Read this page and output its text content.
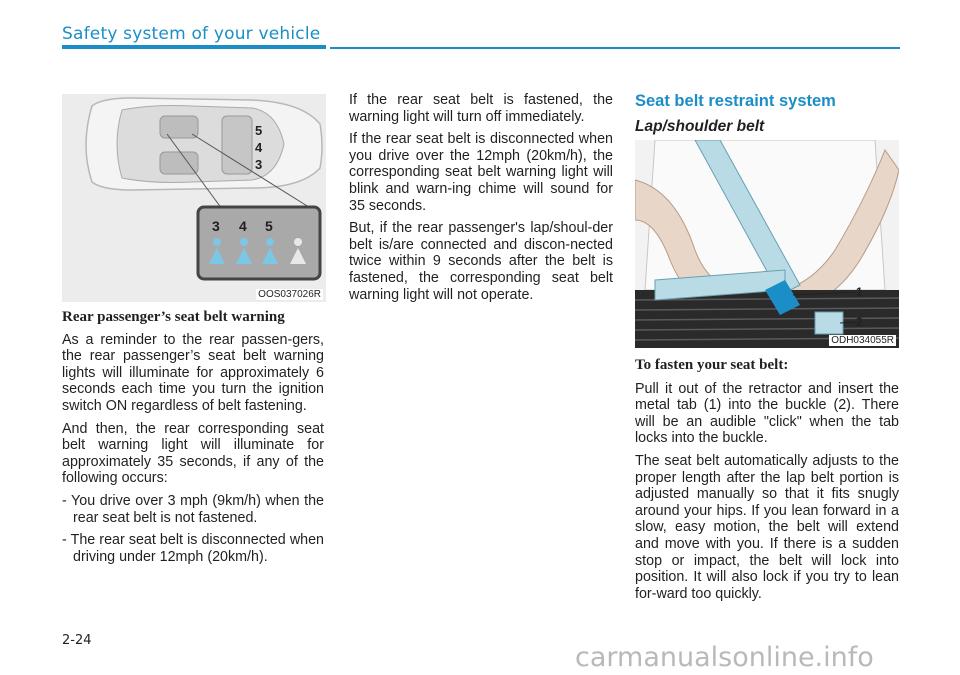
Safety system of your vehicle
5
4
3
3 4 5
OOS037026R
Rear passenger’s seat belt warning

As a reminder to the rear passen-gers, the rear passenger’s seat belt warning lights will illuminate for approximately 6 seconds each time you turn the ignition switch ON regardless of belt fastening.

And then, the rear corresponding seat belt warning light will illuminate for approximately 35 seconds, if any of the following occurs:

- You drive over 3 mph (9km/h) when the rear seat belt is not fastened.

- The rear seat belt is disconnected when driving under 12mph (20km/h).

If the rear seat belt is fastened, the warning light will turn off immediately.

If the rear seat belt is disconnected when you drive over the 12mph (20km/h), the corresponding seat belt warning light will blink and warn-ing chime will sound for 35 seconds.

But, if the rear passenger's lap/shoul-der belt is/are connected and discon-nected twice within 9 seconds after the belt is fastened, the corresponding seat belt warning light will not operate.

Seat belt restraint system
Lap/shoulder belt
1
2
ODH034055R
To fasten your seat belt:

Pull it out of the retractor and insert the metal tab (1) into the buckle (2). There will be an audible "click" when the tab locks into the buckle.

The seat belt automatically adjusts to the proper length after the lap belt portion is adjusted manually so that it fits snugly around your hips. If you lean forward in a slow, easy motion, the belt will extend and move with you. If there is a sudden stop or impact, the belt will lock into position. It will also lock if you try to lean for-ward too quickly.

2-24
carmanualsonline.info
